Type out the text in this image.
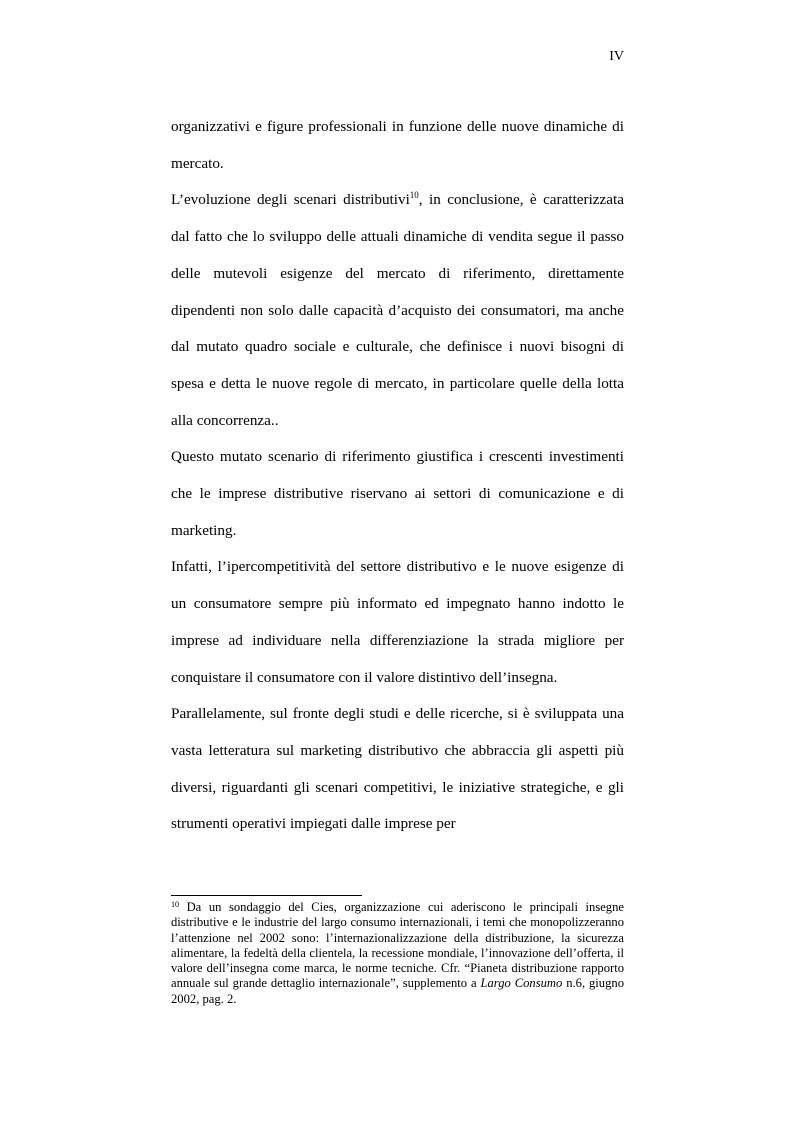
IV

organizzativi e figure professionali in funzione delle nuove dinamiche di mercato.

L’evoluzione degli scenari distributivi$^{10}$, in conclusione, è caratterizzata dal fatto che lo sviluppo delle attuali dinamiche di vendita segue il passo delle mutevoli esigenze del mercato di riferimento, direttamente dipendenti non solo dalle capacità d’acquisto dei consumatori, ma anche dal mutato quadro sociale e culturale, che definisce i nuovi bisogni di spesa e detta le nuove regole di mercato, in particolare quelle della lotta alla concorrenza..

Questo mutato scenario di riferimento giustifica i crescenti investimenti che le imprese distributive riservano ai settori di comunicazione e di marketing.

Infatti, l’ipercompetitività del settore distributivo e le nuove esigenze di un consumatore sempre più informato ed impegnato hanno indotto le imprese ad individuare nella differenziazione la strada migliore per conquistare il consumatore con il valore distintivo dell’insegna.

Parallelamente, sul fronte degli studi e delle ricerche, si è sviluppata una vasta letteratura sul marketing distributivo che abbraccia gli aspetti più diversi, riguardanti gli scenari competitivi, le iniziative strategiche, e gli strumenti operativi impiegati dalle imprese per

$^{10}$ Da un sondaggio del Cies, organizzazione cui aderiscono le principali insegne distributive e le industrie del largo consumo internazionali, i temi che monopolizzeranno l’attenzione nel 2002 sono: l’internazionalizzazione della distribuzione, la sicurezza alimentare, la fedeltà della clientela, la recessione mondiale, l’innovazione dell’offerta, il valore dell’insegna come marca, le norme tecniche. Cfr. “Pianeta distribuzione rapporto annuale sul grande dettaglio internazionale”, supplemento a Largo Consumo n.6, giugno 2002, pag. 2.
